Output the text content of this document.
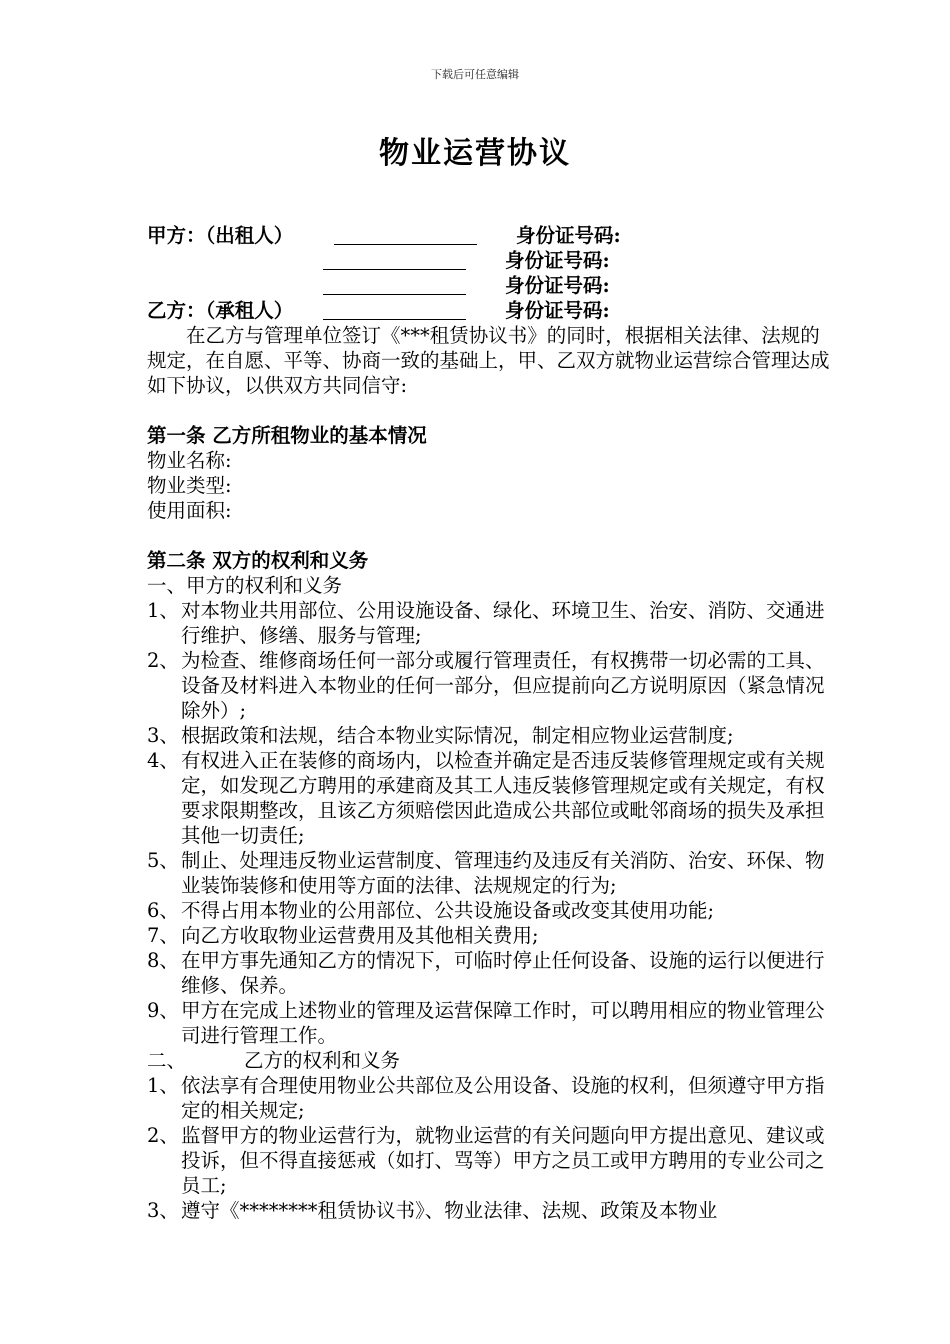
下载后可任意编辑
物业运营协议
甲方：（出租人）	身份证号码:
身份证号码:
身份证号码:
乙方：（承租人）	身份证号码:

在乙方与管理单位签订《***租赁协议书》的同时，根据相关法律、法规的规定，在自愿、平等、协商一致的基础上，甲、乙双方就物业运营综合管理达成如下协议，以供双方共同信守:

第一条 乙方所租物业的基本情况

物业名称:

物业类型:

使用面积:

第二条 双方的权利和义务

一、甲方的权利和义务

1、 对本物业共用部位、公用设施设备、绿化、环境卫生、治安、消防、交通进行维护、修缮、服务与管理;
2、 为检查、维修商场任何一部分或履行管理责任，有权携带一切必需的工具、设备及材料进入本物业的任何一部分，但应提前向乙方说明原因（紧急情况除外）;
3、 根据政策和法规，结合本物业实际情况，制定相应物业运营制度;
4、 有权进入正在装修的商场内，以检查并确定是否违反装修管理规定或有关规定，如发现乙方聘用的承建商及其工人违反装修管理规定或有关规定，有权要求限期整改，且该乙方须赔偿因此造成公共部位或毗邻商场的损失及承担其他一切责任;
5、 制止、处理违反物业运营制度、管理违约及违反有关消防、治安、环保、物业装饰装修和使用等方面的法律、法规规定的行为;
6、 不得占用本物业的公用部位、公共设施设备或改变其使用功能;
7、 向乙方收取物业运营费用及其他相关费用;
8、 在甲方事先通知乙方的情况下，可临时停止任何设备、设施的运行以便进行维修、保养。
9、 甲方在完成上述物业的管理及运营保障工作时，可以聘用相应的物业管理公司进行管理工作。

二、	乙方的权利和义务

1、 依法享有合理使用物业公共部位及公用设备、设施的权利，但须遵守甲方指定的相关规定;
2、 监督甲方的物业运营行为，就物业运营的有关问题向甲方提出意见、建议或投诉，但不得直接惩戒（如打、骂等）甲方之员工或甲方聘用的专业公司之员工;
3、 遵守《********租赁协议书》、物业法律、法规、政策及本物业
